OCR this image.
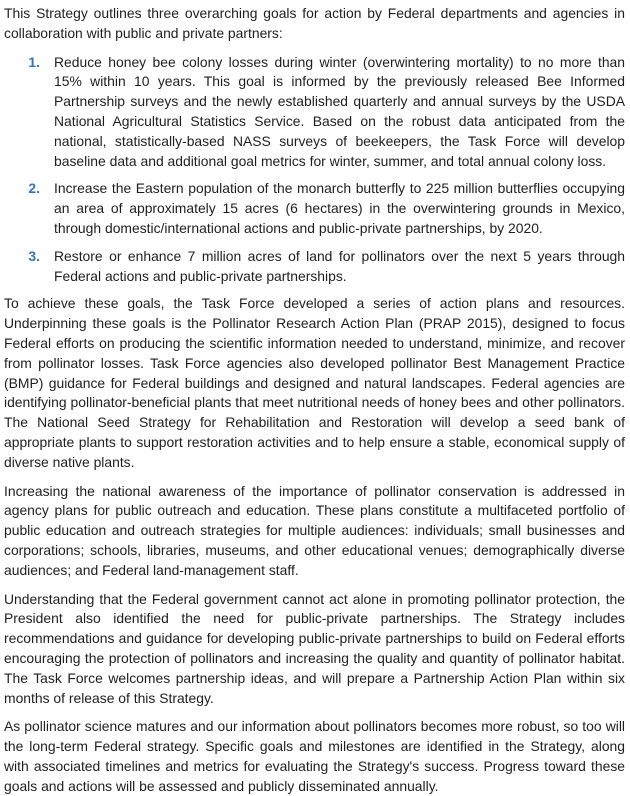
This Strategy outlines three overarching goals for action by Federal departments and agencies in collaboration with public and private partners:

1.	Reduce honey bee colony losses during winter (overwintering mortality) to no more than 15% within 10 years. This goal is informed by the previously released Bee Informed Partnership surveys and the newly established quarterly and annual surveys by the USDA National Agricultural Statistics Service. Based on the robust data anticipated from the national, statistically-based NASS surveys of beekeepers, the Task Force will develop baseline data and additional goal metrics for winter, summer, and total annual colony loss.

2.	Increase the Eastern population of the monarch butterfly to 225 million butterflies occupying an area of approximately 15 acres (6 hectares) in the overwintering grounds in Mexico, through domestic/international actions and public-private partnerships, by 2020.

3.	Restore or enhance 7 million acres of land for pollinators over the next 5 years through Federal actions and public-private partnerships.

To achieve these goals, the Task Force developed a series of action plans and resources. Underpinning these goals is the Pollinator Research Action Plan (PRAP 2015), designed to focus Federal efforts on producing the scientific information needed to understand, minimize, and recover from pollinator losses. Task Force agencies also developed pollinator Best Management Practice (BMP) guidance for Federal buildings and designed and natural landscapes. Federal agencies are identifying pollinator-beneficial plants that meet nutritional needs of honey bees and other pollinators. The National Seed Strategy for Rehabilitation and Restoration will develop a seed bank of appropriate plants to support restoration activities and to help ensure a stable, economical supply of diverse native plants.

Increasing the national awareness of the importance of pollinator conservation is addressed in agency plans for public outreach and education. These plans constitute a multifaceted portfolio of public education and outreach strategies for multiple audiences: individuals; small businesses and corporations; schools, libraries, museums, and other educational venues; demographically diverse audiences; and Federal land-management staff.

Understanding that the Federal government cannot act alone in promoting pollinator protection, the President also identified the need for public-private partnerships. The Strategy includes recommendations and guidance for developing public-private partnerships to build on Federal efforts encouraging the protection of pollinators and increasing the quality and quantity of pollinator habitat. The Task Force welcomes partnership ideas, and will prepare a Partnership Action Plan within six months of release of this Strategy.

As pollinator science matures and our information about pollinators becomes more robust, so too will the long-term Federal strategy. Specific goals and milestones are identified in the Strategy, along with associated timelines and metrics for evaluating the Strategy's success. Progress toward these goals and actions will be assessed and publicly disseminated annually.
